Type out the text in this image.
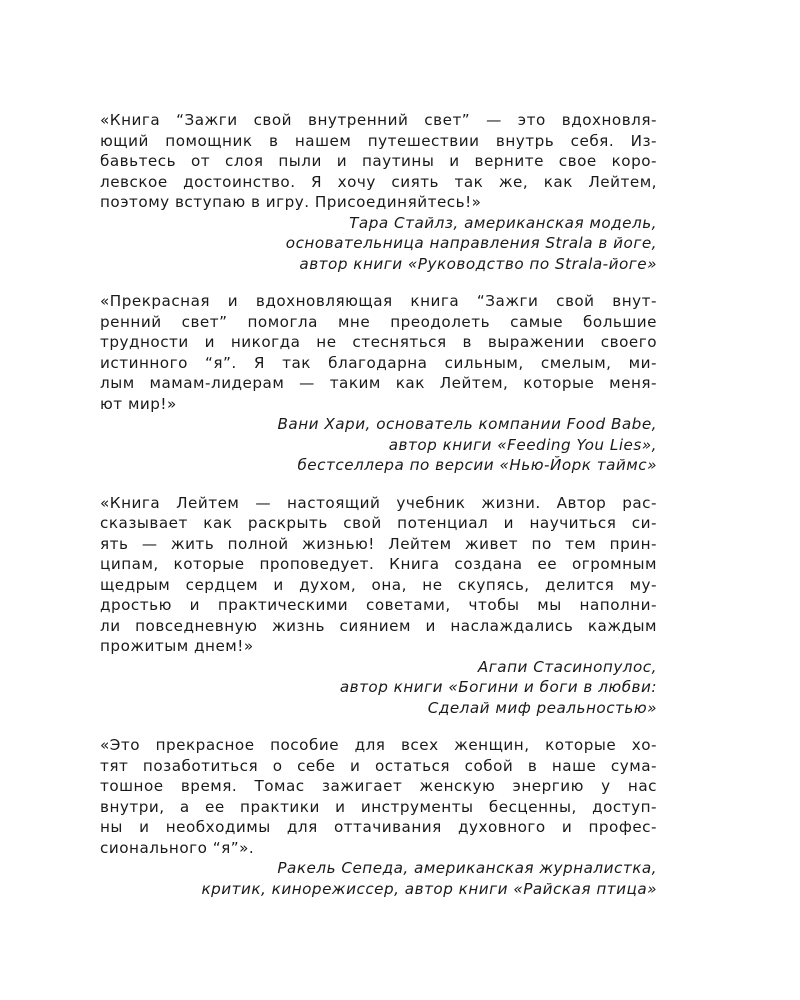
«Книга “Зажги свой внутренний свет” — это вдохновля-
ющий помощник в нашем путешествии внутрь себя. Из-
бавьтесь от слоя пыли и паутины и верните свое коро-
левское достоинство. Я хочу сиять так же, как Лейтем,
поэтому вступаю в игру. Присоединяйтесь!»
Тара Стайлз, американская модель,
основательница направления Strala в йоге,
автор книги «Руководство по Strala-йоге»
«Прекрасная и вдохновляющая книга “Зажги свой внут-
ренний свет” помогла мне преодолеть самые большие
трудности и никогда не стесняться в выражении своего
истинного “я”. Я так благодарна сильным, смелым, ми-
лым мамам-лидерам — таким как Лейтем, которые меня-
ют мир!»
Вани Хари, основатель компании Food Babe,
автор книги «Feeding You Lies»,
бестселлера по версии «Нью-Йорк таймс»
«Книга Лейтем — настоящий учебник жизни. Автор рас-
сказывает как раскрыть свой потенциал и научиться си-
ять — жить полной жизнью! Лейтем живет по тем прин-
ципам, которые проповедует. Книга создана ее огромным
щедрым сердцем и духом, она, не скупясь, делится му-
дростью и практическими советами, чтобы мы наполни-
ли повседневную жизнь сиянием и наслаждались каждым
прожитым днем!»
Агапи Стасинопулос,
автор книги «Богини и боги в любви:
Сделай миф реальностью»
«Это прекрасное пособие для всех женщин, которые хо-
тят позаботиться о себе и остаться собой в наше сума-
тошное время. Томас зажигает женскую энергию у нас
внутри, а ее практики и инструменты бесценны, доступ-
ны и необходимы для оттачивания духовного и профес-
сионального “я”».
Ракель Сепеда, американская журналистка,
критик, кинорежиссер, автор книги «Райская птица»
